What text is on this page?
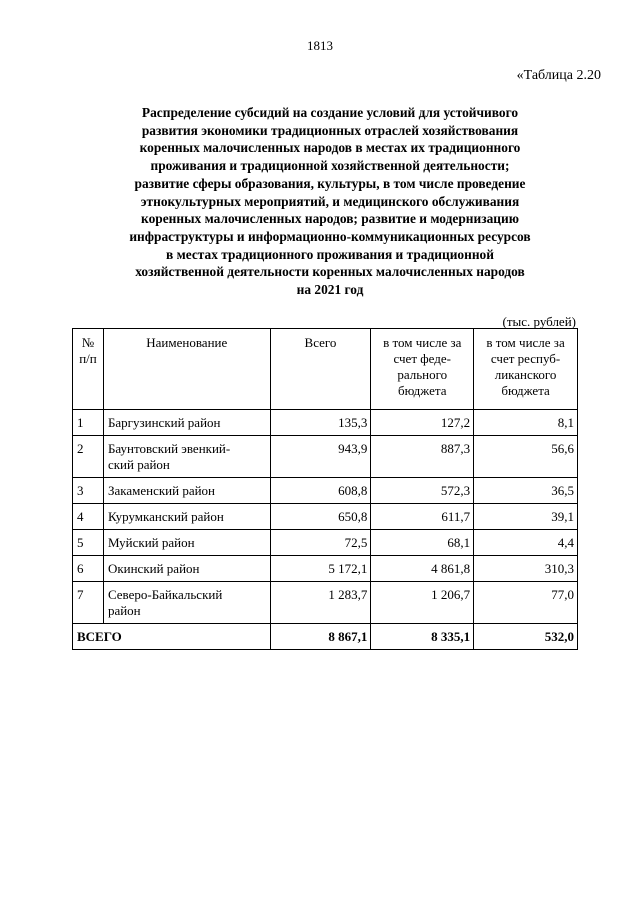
1813
«Таблица 2.20
Распределение субсидий на создание условий для устойчивого
развития экономики традиционных отраслей хозяйствования
коренных малочисленных народов в местах их традиционного
проживания и традиционной хозяйственной деятельности;
развитие сферы образования, культуры, в том числе проведение
этнокультурных мероприятий, и медицинского обслуживания
коренных малочисленных народов; развитие и модернизацию
инфраструктуры и информационно-коммуникационных ресурсов
в местах традиционного проживания и традиционной
хозяйственной деятельности коренных малочисленных народов
на 2021 год
(тыс. рублей)
№
п/п	Наименование	Всего	в том числе за
счет феде-
рального
бюджета	в том числе за
счет респуб-
ликанского
бюджета
1	Баргузинский район	135,3	127,2	8,1
2	Баунтовский эвенкий-
ский район	943,9	887,3	56,6
3	Закаменский район	608,8	572,3	36,5
4	Курумканский район	650,8	611,7	39,1
5	Муйский район	72,5	68,1	4,4
6	Окинский район	5 172,1	4 861,8	310,3
7	Северо-Байкальский
район	1 283,7	1 206,7	77,0
ВСЕГО		8 867,1	8 335,1	532,0
